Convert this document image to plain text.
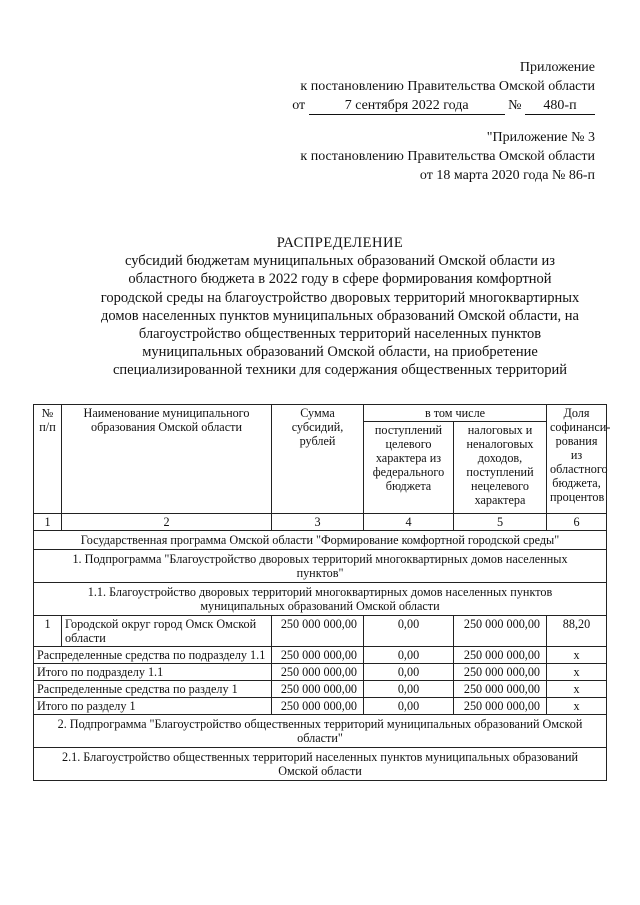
Приложение
к постановлению Правительства Омской области
от	7 сентября 2022 года	№ 480-п
"Приложение № 3
к постановлению Правительства Омской области
от 18 марта 2020 года № 86-п
РАСПРЕДЕЛЕНИЕ
субсидий бюджетам муниципальных образований Омской области из
областного бюджета в 2022 году в сфере формирования комфортной
городской среды на благоустройство дворовых территорий многоквартирных
домов населенных пунктов муниципальных образований Омской области, на
благоустройство общественных территорий населенных пунктов
муниципальных образований Омской области, на приобретение
специализированной техники для содержания общественных территорий
№ п/п	Наименование муниципального образования Омской области	Сумма субсидий, рублей	в том числе		Доля софинанси-рования из областного бюджета, процентов
			поступлений целевого характера из федерального бюджета	налоговых и неналоговых доходов, поступлений нецелевого характера	
1	2	3	4	5	6
Государственная программа Омской области "Формирование комфортной городской среды"					
1. Подпрограмма "Благоустройство дворовых территорий многоквартирных домов населенных пунктов"					
1.1. Благоустройство дворовых территорий многоквартирных домов населенных пунктов муниципальных образований Омской области					
1	Городской округ город Омск Омской области	250 000 000,00	0,00	250 000 000,00	88,20
Распределенные средства по подразделу 1.1		250 000 000,00	0,00	250 000 000,00	х
Итого по подразделу 1.1		250 000 000,00	0,00	250 000 000,00	х
Распределенные средства по разделу 1		250 000 000,00	0,00	250 000 000,00	х
Итого по разделу 1		250 000 000,00	0,00	250 000 000,00	х
2. Подпрограмма "Благоустройство общественных территорий муниципальных образований Омской области"					
2.1. Благоустройство общественных территорий населенных пунктов муниципальных образований Омской области					
